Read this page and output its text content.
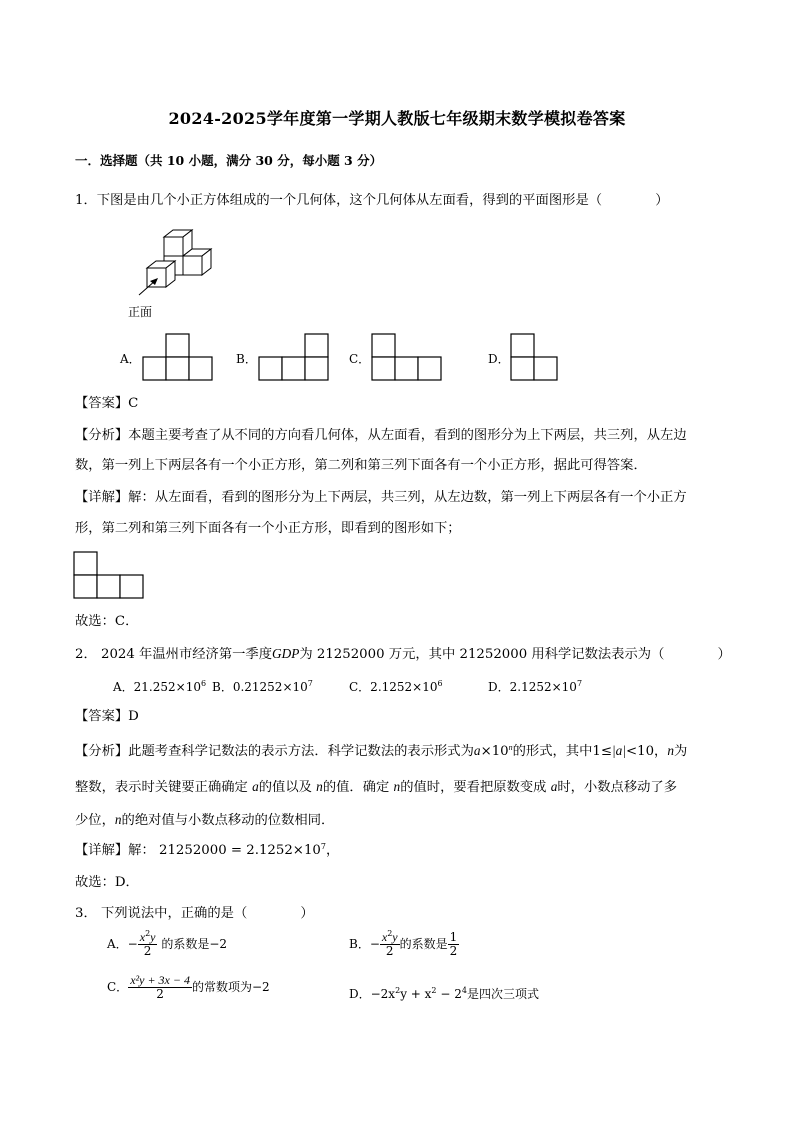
2024-2025学年度第一学期人教版七年级期末数学模拟卷答案
一．选择题（共 10 小题，满分 30 分，每小题 3 分）
1．下图是由几个小正方体组成的一个几何体，这个几何体从左面看，得到的平面图形是（　　　　）
正面
A．	B．	C．	D．
【答案】C
【分析】本题主要考查了从不同的方向看几何体，从左面看，看到的图形分为上下两层，共三列，从左边
数，第一列上下两层各有一个小正方形，第二列和第三列下面各有一个小正方形，据此可得答案．
【详解】解：从左面看，看到的图形分为上下两层，共三列，从左边数，第一列上下两层各有一个小正方
形，第二列和第三列下面各有一个小正方形，即看到的图形如下；
故选：C．
2． 2024 年温州市经济第一季度GDP为 21252000 万元，其中 21252000 用科学记数法表示为（　　　　）
A．$21.252\times 10^6$ B．$0.21252\times 10^7$	C．$2.1252\times 10^6$	D．$2.1252\times 10^7$
【答案】D
【分析】此题考查科学记数法的表示方法．科学记数法的表示形式为$a\times 10^n$的形式，其中1≤|a|<10，n为
整数，表示时关键要正确确定 a的值以及 n的值．确定 n的值时，要看把原数变成 a时，小数点移动了多
少位，n的绝对值与小数点移动的位数相同．
【详解】解： $21252000 = 2.1252\times 10^7$，
故选：D．
3． 下列说法中，正确的是（　　　　）
A．− $\frac{x^2y}{2}$ 的系数是−2	B．− $\frac{x^2y}{2}$ 的系数是 $\frac{1}{2}$
C． $\frac{\text{x²y + 3x − 4}}{2}$ 的常数项为−2	D．$-2x^2y + x^2 - 2^4$是四次三项式
